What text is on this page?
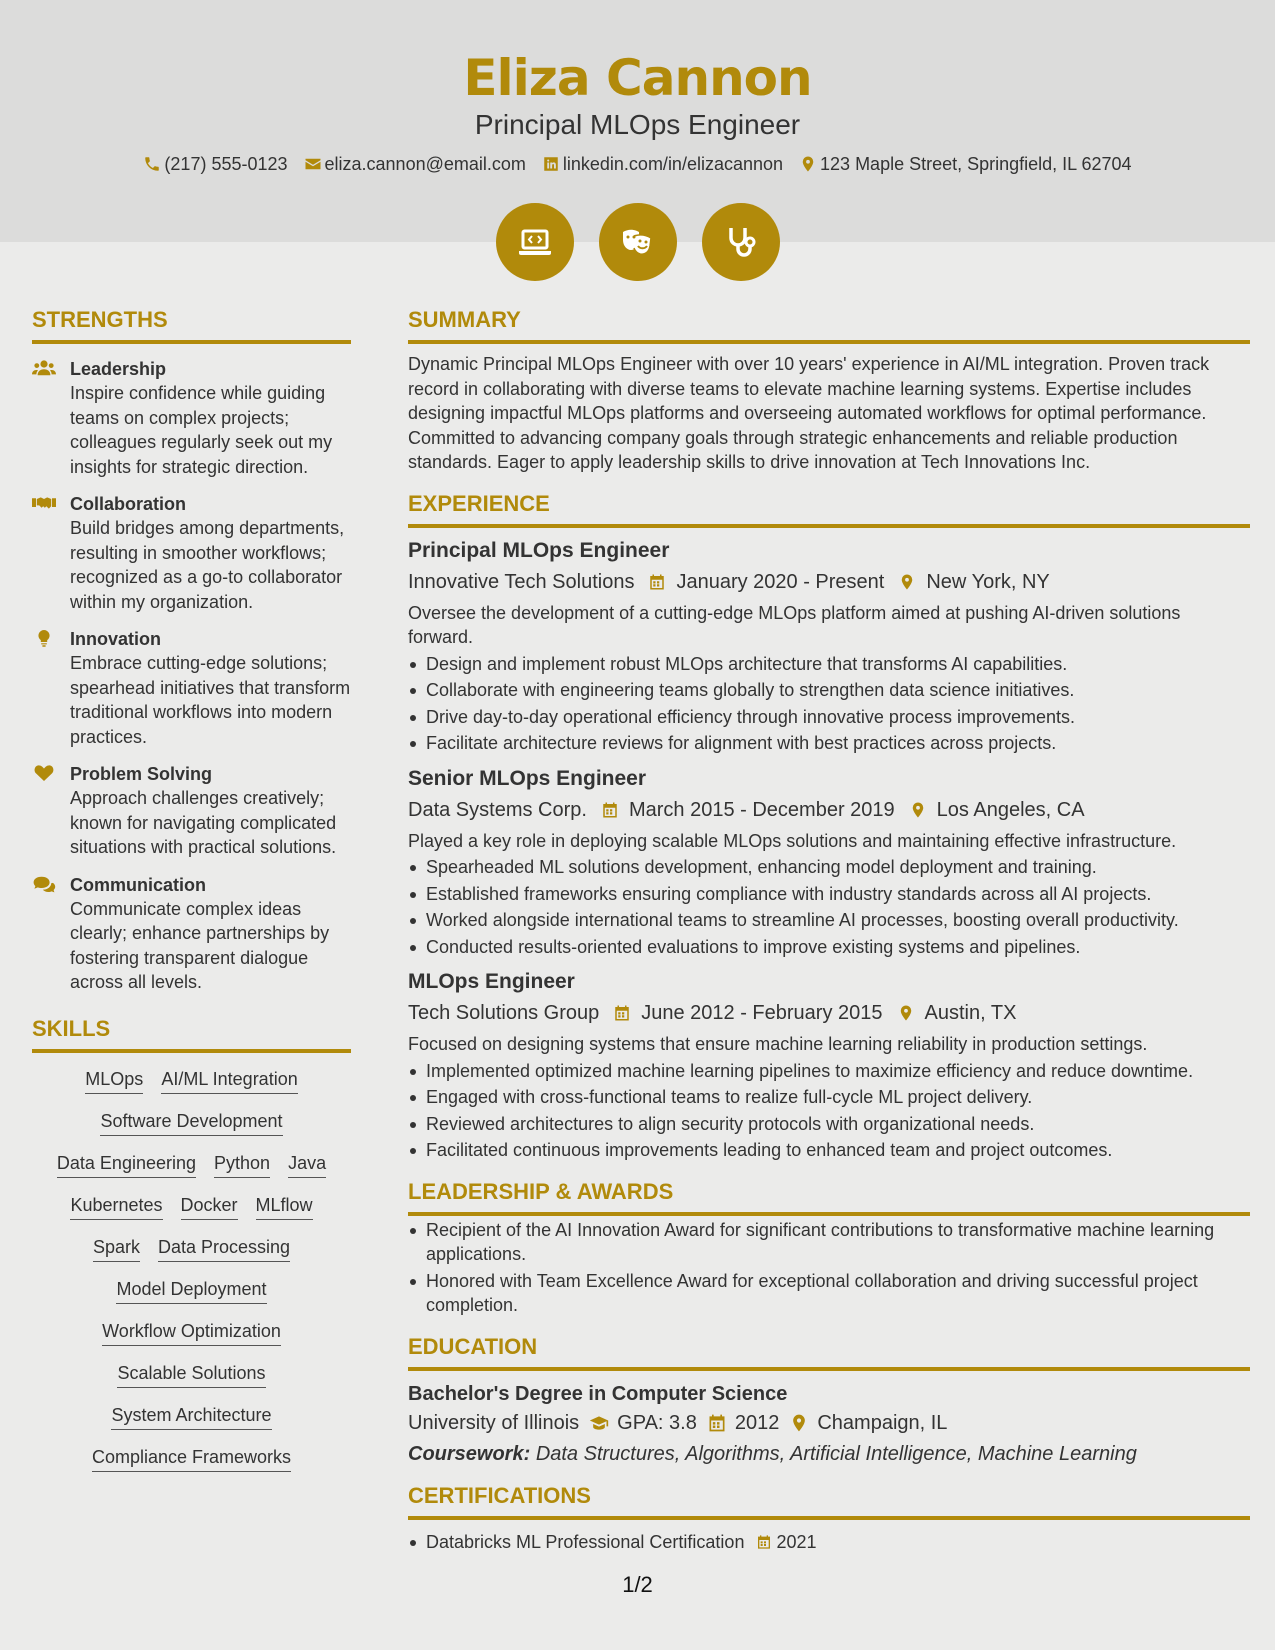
Eliza Cannon
Principal MLOps Engineer
(217) 555-0123 eliza.cannon@email.com linkedin.com/in/elizacannon 123 Maple Street, Springfield, IL 62704
STRENGTHS
Leadership
Inspire confidence while guiding teams on complex projects; colleagues regularly seek out my insights for strategic direction.
Collaboration
Build bridges among departments, resulting in smoother workflows; recognized as a go-to collaborator within my organization.
Innovation
Embrace cutting-edge solutions; spearhead initiatives that transform traditional workflows into modern practices.
Problem Solving
Approach challenges creatively; known for navigating complicated situations with practical solutions.
Communication
Communicate complex ideas clearly; enhance partnerships by fostering transparent dialogue across all levels.
SKILLS
MLOps AI/ML Integration
Software Development
Data Engineering Python Java
Kubernetes Docker MLflow
Spark Data Processing
Model Deployment
Workflow Optimization
Scalable Solutions
System Architecture
Compliance Frameworks
SUMMARY
Dynamic Principal MLOps Engineer with over 10 years' experience in AI/ML integration. Proven track record in collaborating with diverse teams to elevate machine learning systems. Expertise includes designing impactful MLOps platforms and overseeing automated workflows for optimal performance. Committed to advancing company goals through strategic enhancements and reliable production standards. Eager to apply leadership skills to drive innovation at Tech Innovations Inc.
EXPERIENCE
Principal MLOps Engineer
Innovative Tech Solutions January 2020 - Present New York, NY
Oversee the development of a cutting-edge MLOps platform aimed at pushing AI-driven solutions forward.
Design and implement robust MLOps architecture that transforms AI capabilities.
Collaborate with engineering teams globally to strengthen data science initiatives.
Drive day-to-day operational efficiency through innovative process improvements.
Facilitate architecture reviews for alignment with best practices across projects.
Senior MLOps Engineer
Data Systems Corp. March 2015 - December 2019 Los Angeles, CA
Played a key role in deploying scalable MLOps solutions and maintaining effective infrastructure.
Spearheaded ML solutions development, enhancing model deployment and training.
Established frameworks ensuring compliance with industry standards across all AI projects.
Worked alongside international teams to streamline AI processes, boosting overall productivity.
Conducted results-oriented evaluations to improve existing systems and pipelines.
MLOps Engineer
Tech Solutions Group June 2012 - February 2015 Austin, TX
Focused on designing systems that ensure machine learning reliability in production settings.
Implemented optimized machine learning pipelines to maximize efficiency and reduce downtime.
Engaged with cross-functional teams to realize full-cycle ML project delivery.
Reviewed architectures to align security protocols with organizational needs.
Facilitated continuous improvements leading to enhanced team and project outcomes.
LEADERSHIP & AWARDS
Recipient of the AI Innovation Award for significant contributions to transformative machine learning applications.
Honored with Team Excellence Award for exceptional collaboration and driving successful project completion.
EDUCATION
Bachelor's Degree in Computer Science
University of Illinois GPA: 3.8 2012 Champaign, IL
Coursework: Data Structures, Algorithms, Artificial Intelligence, Machine Learning
CERTIFICATIONS
Databricks ML Professional Certification 2021
1/2
